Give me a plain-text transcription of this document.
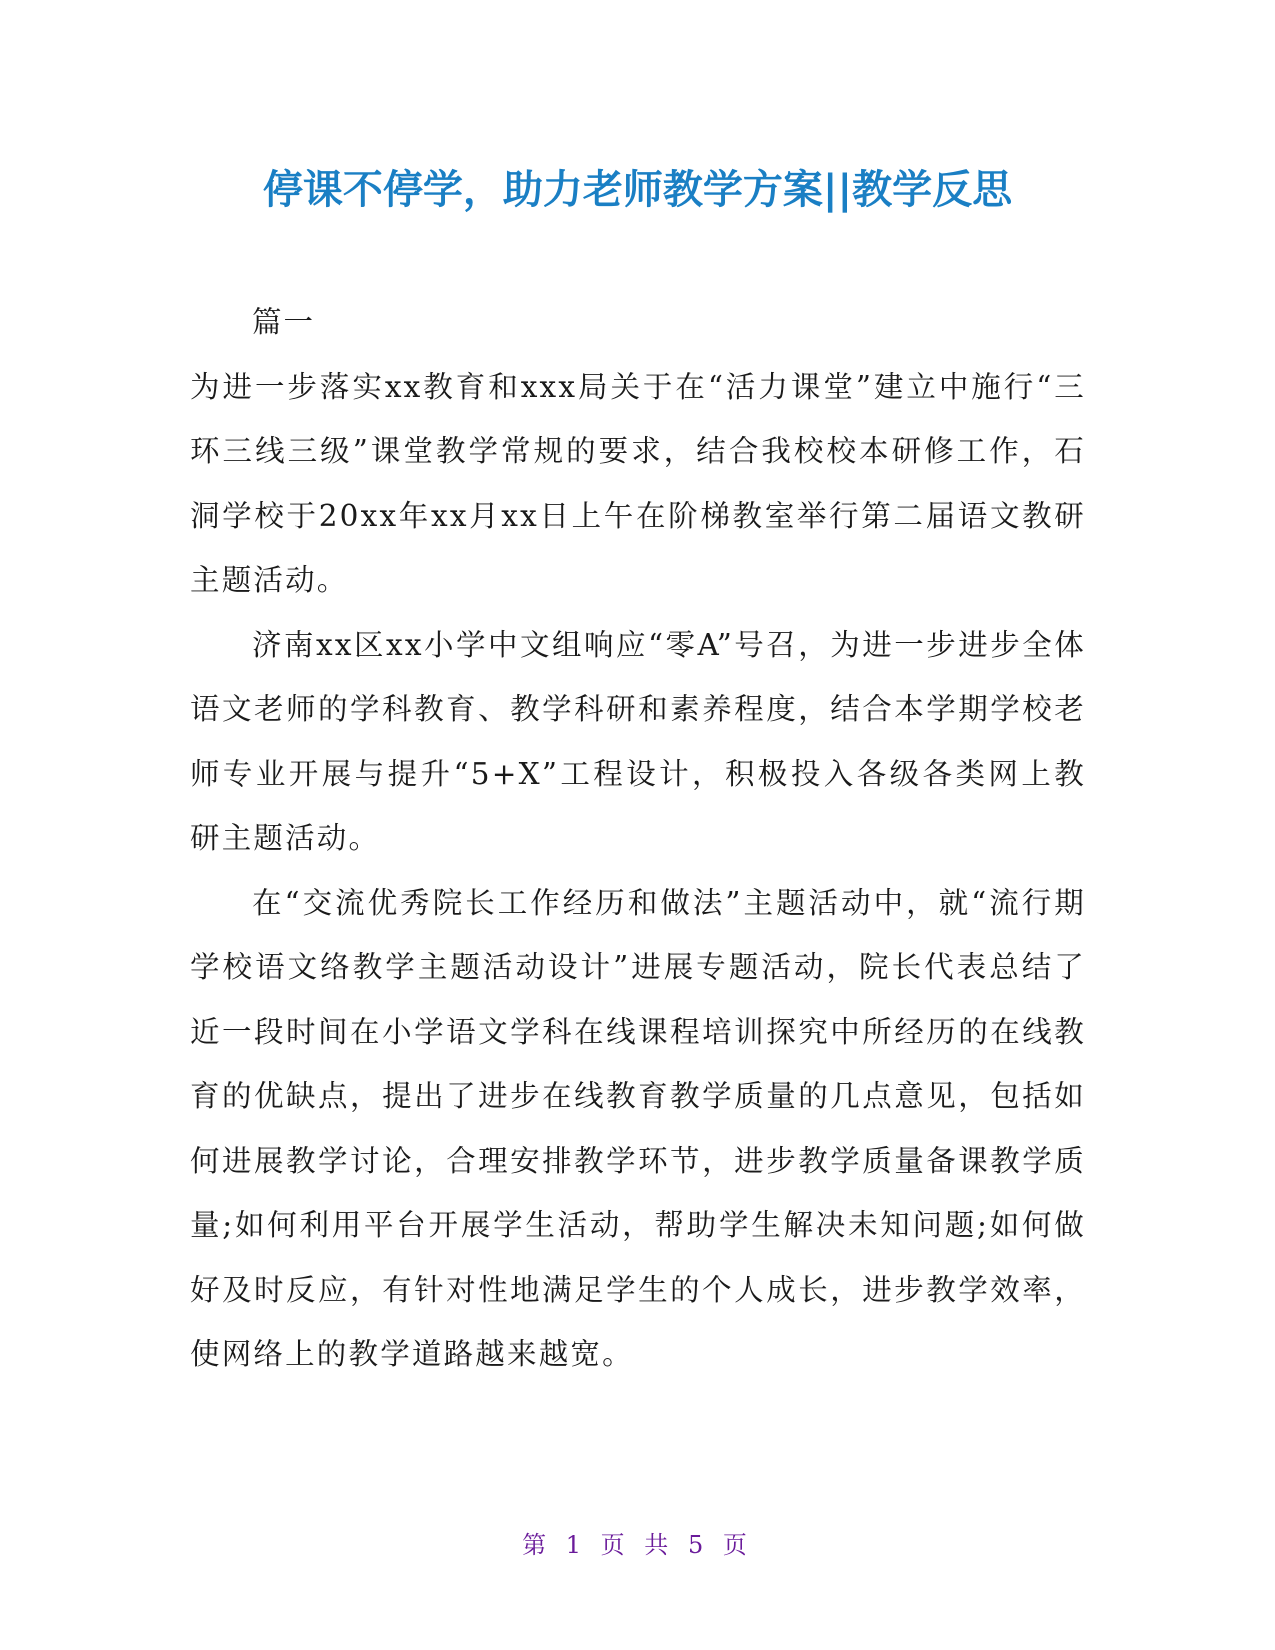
停课不停学，助力老师教学方案||教学反思

篇一

为进一步落实xx教育和xxx局关于在“活力课堂”建立中施行“三环三线三级”课堂教学常规的要求，结合我校校本研修工作，石洞学校于20xx年xx月xx日上午在阶梯教室举行第二届语文教研主题活动。

济南xx区xx小学中文组响应“零A”号召，为进一步进步全体语文老师的学科教育、教学科研和素养程度，结合本学期学校老师专业开展与提升“5+X”工程设计，积极投入各级各类网上教研主题活动。

在“交流优秀院长工作经历和做法”主题活动中，就“流行期学校语文络教学主题活动设计”进展专题活动，院长代表总结了近一段时间在小学语文学科在线课程培训探究中所经历的在线教育的优缺点，提出了进步在线教育教学质量的几点意见，包括如何进展教学讨论，合理安排教学环节，进步教学质量备课教学质量;如何利用平台开展学生活动，帮助学生解决未知问题;如何做好及时反应，有针对性地满足学生的个人成长，进步教学效率，使网络上的教学道路越来越宽。

第 1 页 共 5 页
